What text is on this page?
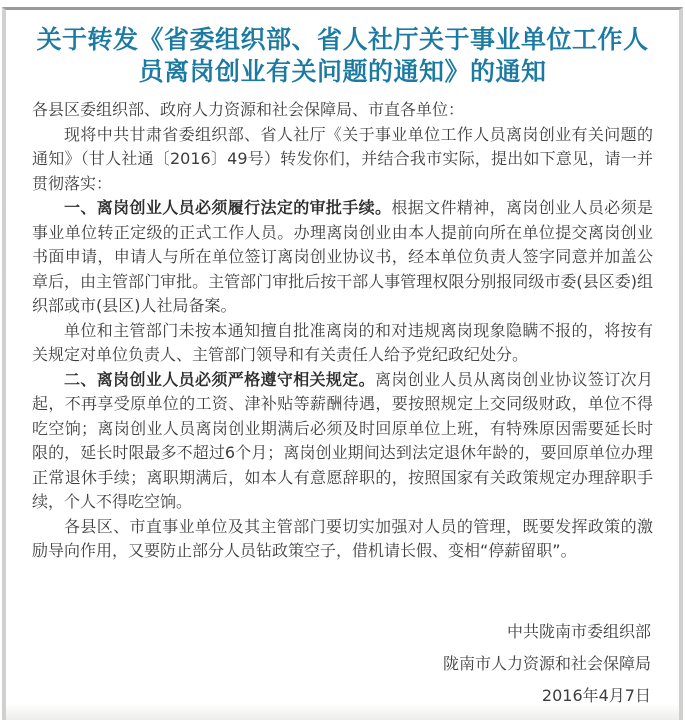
关于转发《省委组织部、省人社厅关于事业单位工作人员离岗创业有关问题的通知》的通知

各县区委组织部、政府人力资源和社会保障局、市直各单位：

现将中共甘肃省委组织部、省人社厅《关于事业单位工作人员离岗创业有关问题的通知》（甘人社通〔2016〕49号）转发你们，并结合我市实际，提出如下意见，请一并贯彻落实：

一、离岗创业人员必须履行法定的审批手续。根据文件精神，离岗创业人员必须是事业单位转正定级的正式工作人员。办理离岗创业由本人提前向所在单位提交离岗创业书面申请，申请人与所在单位签订离岗创业协议书，经本单位负责人签字同意并加盖公章后，由主管部门审批。主管部门审批后按干部人事管理权限分别报同级市委(县区委)组织部或市(县区)人社局备案。

单位和主管部门未按本通知擅自批准离岗的和对违规离岗现象隐瞒不报的，将按有关规定对单位负责人、主管部门领导和有关责任人给予党纪政纪处分。

二、离岗创业人员必须严格遵守相关规定。离岗创业人员从离岗创业协议签订次月起，不再享受原单位的工资、津补贴等薪酬待遇，要按照规定上交同级财政，单位不得吃空饷；离岗创业人员离岗创业期满后必须及时回原单位上班，有特殊原因需要延长时限的，延长时限最多不超过6个月；离岗创业期间达到法定退休年龄的，要回原单位办理正常退休手续；离职期满后，如本人有意愿辞职的，按照国家有关政策规定办理辞职手续，个人不得吃空饷。

各县区、市直事业单位及其主管部门要切实加强对人员的管理，既要发挥政策的激励导向作用，又要防止部分人员钻政策空子，借机请长假、变相“停薪留职”。

中共陇南市委组织部
陇南市人力资源和社会保障局
2016年4月7日
